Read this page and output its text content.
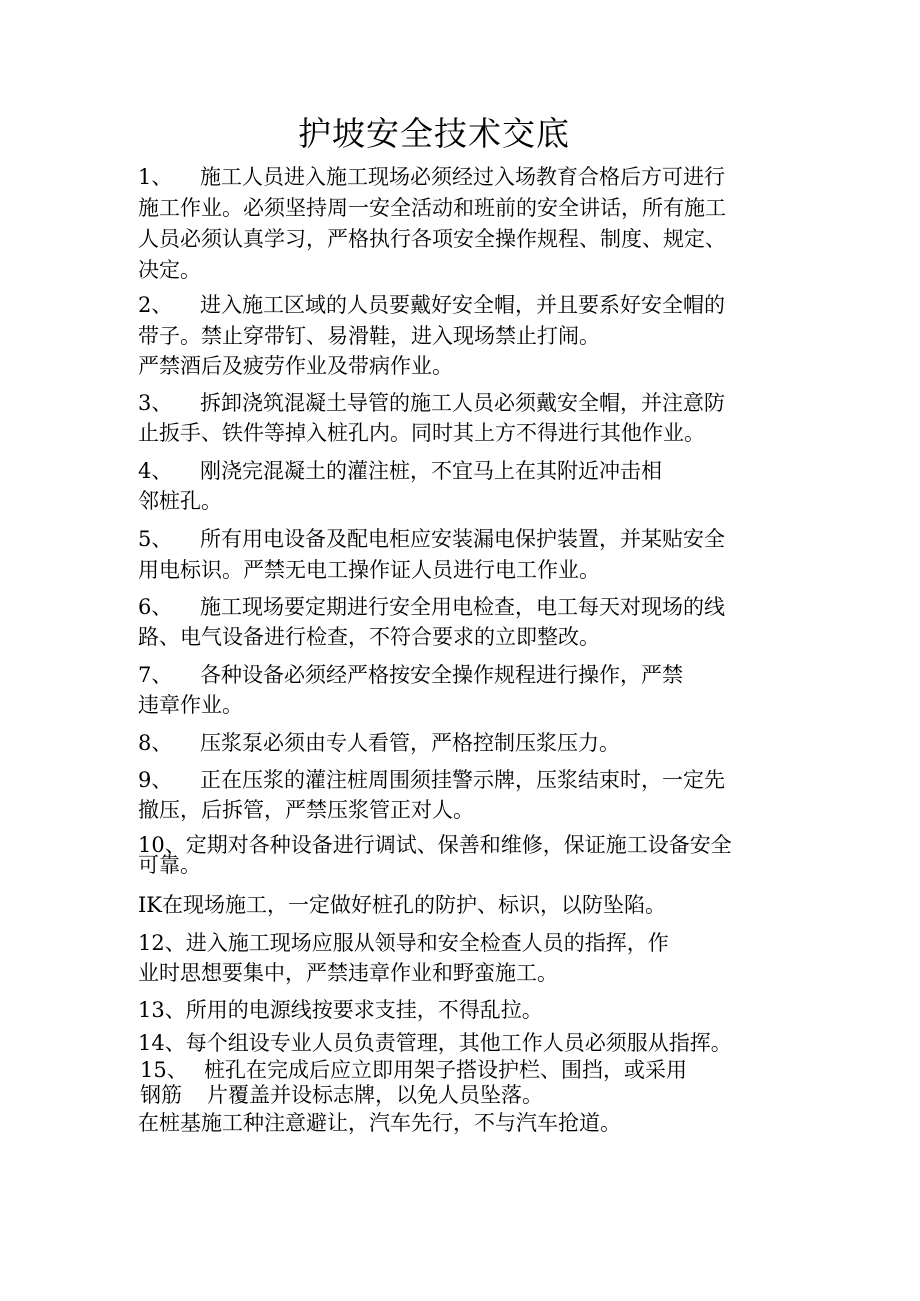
护坡安全技术交底
1、 施工人员进入施工现场必须经过入场教育合格后方可进行
施工作业。必须坚持周一安全活动和班前的安全讲话，所有施工
人员必须认真学习，严格执行各项安全操作规程、制度、规定、
决定。
2、 进入施工区域的人员要戴好安全帽，并且要系好安全帽的
带子。禁止穿带钉、易滑鞋，进入现场禁止打闹。
严禁酒后及疲劳作业及带病作业。
3、 拆卸浇筑混凝土导管的施工人员必须戴安全帽，并注意防
止扳手、铁件等掉入桩孔内。同时其上方不得进行其他作业。
4、 刚浇完混凝土的灌注桩，不宜马上在其附近冲击相
邻桩孔。
5、 所有用电设备及配电柜应安装漏电保护装置，并某贴安全
用电标识。严禁无电工操作证人员进行电工作业。
6、 施工现场要定期进行安全用电检查，电工每天对现场的线
路、电气设备进行检查，不符合要求的立即整改。
7、 各种设备必须经严格按安全操作规程进行操作，严禁
违章作业。
8、 压浆泵必须由专人看管，严格控制压浆压力。
9、 正在压浆的灌注桩周围须挂警示牌，压浆结束时，一定先
撤压，后拆管，严禁压浆管正对人。
10、定期对各种设备进行调试、保善和维修，保证施工设备安全
可靠。
IK在现场施工，一定做好桩孔的防护、标识，以防坠陷。
12、进入施工现场应服从领导和安全检查人员的指挥，作
业时思想要集中，严禁违章作业和野蛮施工。
13、所用的电源线按要求支挂，不得乱拉。
14、每个组设专业人员负责管理，其他工作人员必须服从指挥。
15、 桩孔在完成后应立即用架子搭设护栏、围挡，或采用
钢筋 片覆盖并设标志牌，以免人员坠落。
在桩基施工种注意避让，汽车先行，不与汽车抢道。
